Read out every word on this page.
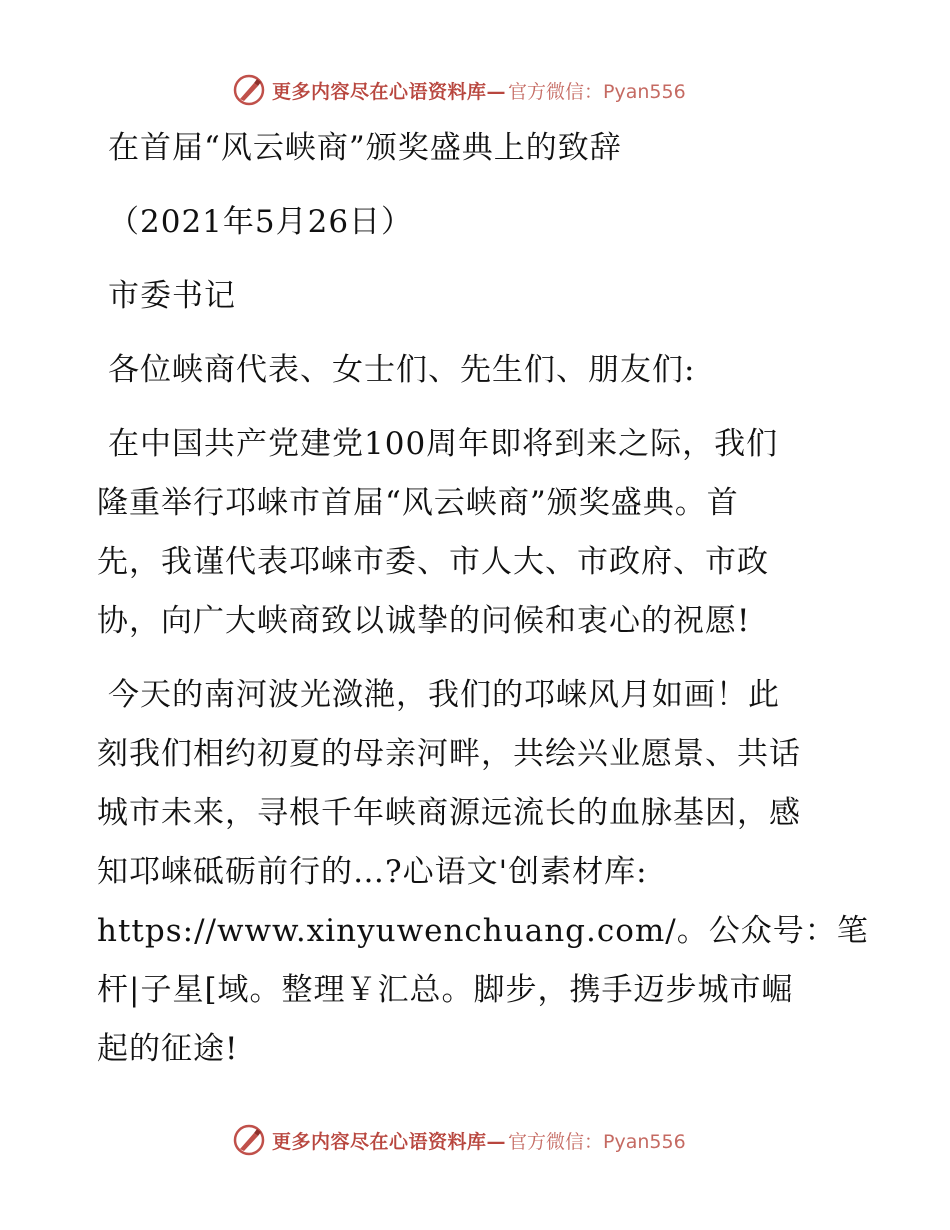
更多内容尽在心语资料库— 官方微信：Pyan556
在首届“风云峡商”颁奖盛典上的致辞
（2021年5月26日）
市委书记
各位峡商代表、女士们、先生们、朋友们:
在中国共产党建党100周年即将到来之际，我们
隆重举行邛崃市首届“风云峡商”颁奖盛典。首
先，我谨代表邛崃市委、市人大、市政府、市政
协，向广大峡商致以诚挚的问候和衷心的祝愿!
今天的南河波光潋滟，我们的邛崃风月如画！此
刻我们相约初夏的母亲河畔，共绘兴业愿景、共话
城市未来，寻根千年峡商源远流长的血脉基因，感
知邛崃砥砺前行的…?心语文'创素材库:
https://www.xinyuwenchuang.com/。公众号：笔
杆|子星[域。整理￥汇总。脚步，携手迈步城市崛
起的征途!
更多内容尽在心语资料库— 官方微信：Pyan556
